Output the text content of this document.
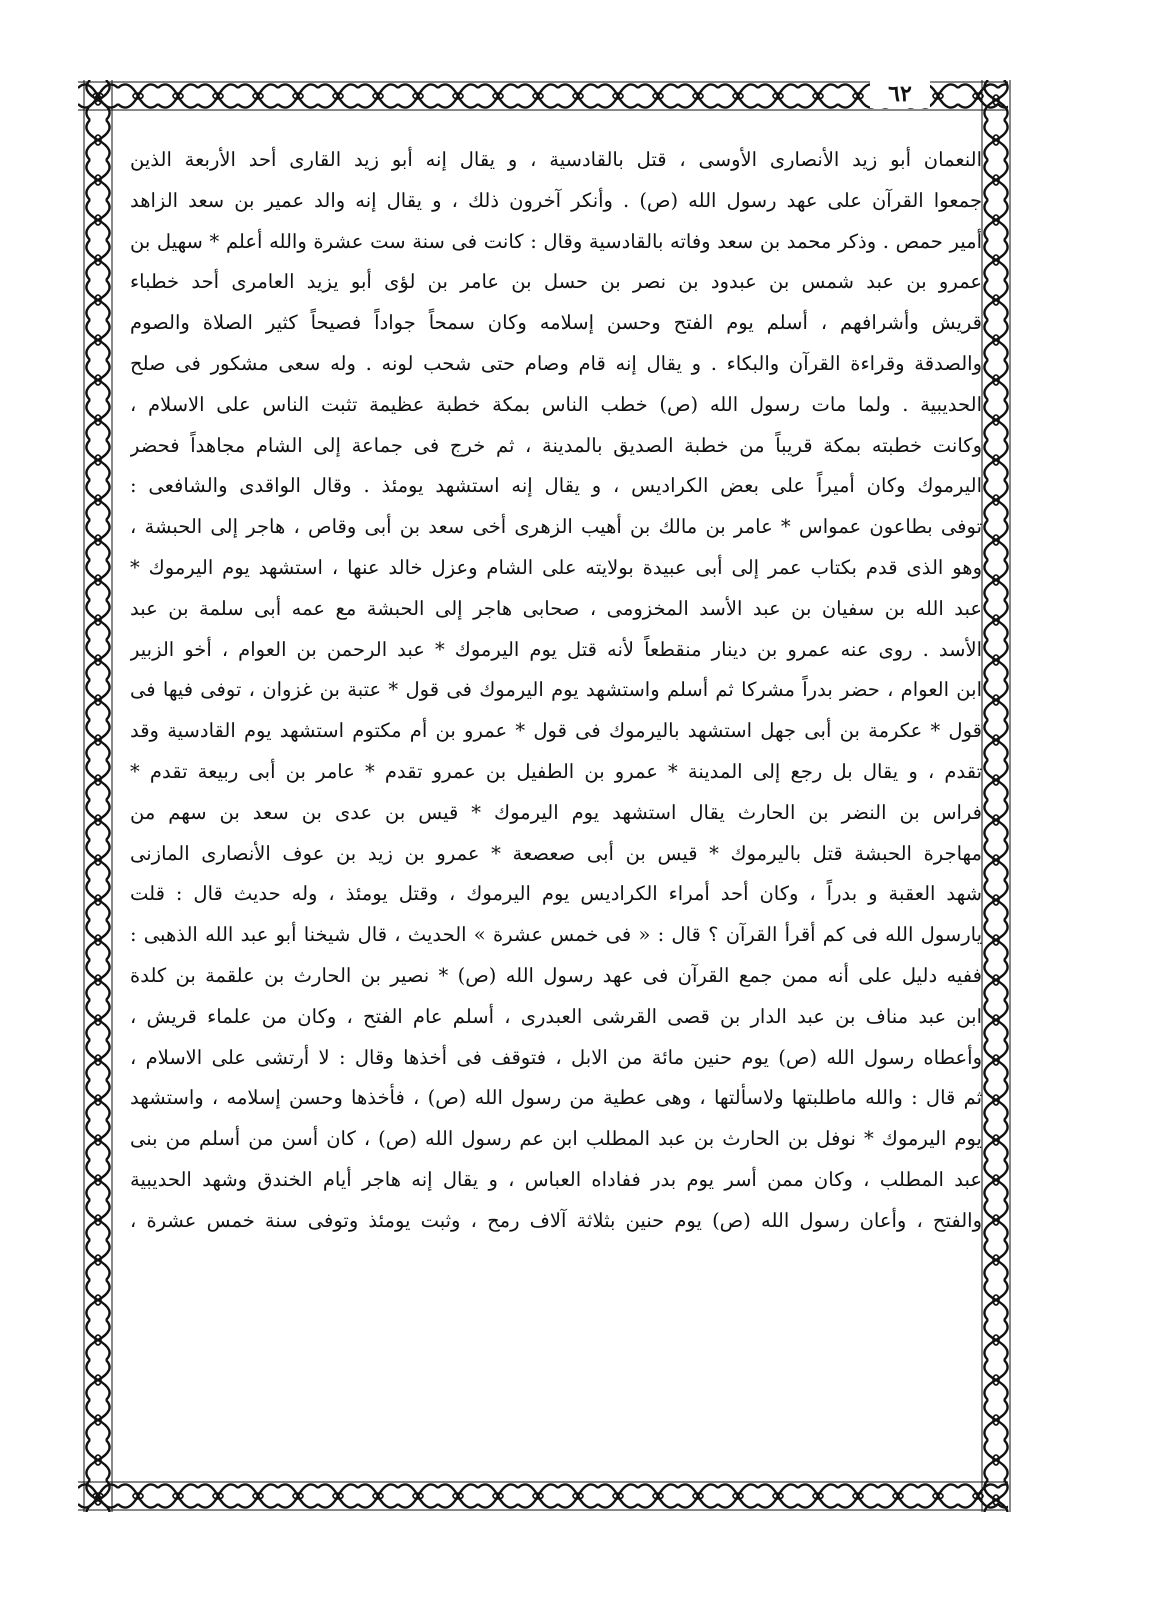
٦٢
النعمان أبو زيد الأنصارى الأوسى ، قتل بالقادسية ، و يقال إنه أبو زيد القارى أحد الأربعة الذين
جمعوا القرآن على عهد رسول الله (ص) . وأنكر آخرون ذلك ، و يقال إنه والد عمير بن سعد الزاهد
أمير حمص . وذكر محمد بن سعد وفاته بالقادسية وقال : كانت فى سنة ست عشرة والله أعلم * سهيل بن
عمرو بن عبد شمس بن عبدود بن نصر بن حسل بن عامر بن لؤى أبو يزيد العامرى أحد خطباء
قريش وأشرافهم ، أسلم يوم الفتح وحسن إسلامه وكان سمحاً جواداً فصيحاً كثير الصلاة والصوم
والصدقة وقراءة القرآن والبكاء . و يقال إنه قام وصام حتى شحب لونه . وله سعى مشكور فى صلح
الحديبية . ولما مات رسول الله (ص) خطب الناس بمكة خطبة عظيمة تثبت الناس على الاسلام ،
وكانت خطبته بمكة قريباً من خطبة الصديق بالمدينة ، ثم خرج فى جماعة إلى الشام مجاهداً فحضر
اليرموك وكان أميراً على بعض الكراديس ، و يقال إنه استشهد يومئذ . وقال الواقدى والشافعى :
توفى بطاعون عمواس * عامر بن مالك بن أهيب الزهرى أخى سعد بن أبى وقاص ، هاجر إلى الحبشة ،
وهو الذى قدم بكتاب عمر إلى أبى عبيدة بولايته على الشام وعزل خالد عنها ، استشهد يوم اليرموك *
عبد الله بن سفيان بن عبد الأسد المخزومى ، صحابى هاجر إلى الحبشة مع عمه أبى سلمة بن عبد
الأسد . روى عنه عمرو بن دينار منقطعاً لأنه قتل يوم اليرموك * عبد الرحمن بن العوام ، أخو الزبير
ابن العوام ، حضر بدراً مشركا ثم أسلم واستشهد يوم اليرموك فى قول * عتبة بن غزوان ، توفى فيها فى
قول * عكرمة بن أبى جهل استشهد باليرموك فى قول * عمرو بن أم مكتوم استشهد يوم القادسية وقد
تقدم ، و يقال بل رجع إلى المدينة * عمرو بن الطفيل بن عمرو تقدم * عامر بن أبى ربيعة تقدم *
فراس بن النضر بن الحارث يقال استشهد يوم اليرموك * قيس بن عدى بن سعد بن سهم من
مهاجرة الحبشة قتل باليرموك * قيس بن أبى صعصعة * عمرو بن زيد بن عوف الأنصارى المازنى
شهد العقبة و بدراً ، وكان أحد أمراء الكراديس يوم اليرموك ، وقتل يومئذ ، وله حديث قال : قلت
يارسول الله فى كم أقرأ القرآن ؟ قال : « فى خمس عشرة » الحديث ، قال شيخنا أبو عبد الله الذهبى :
ففيه دليل على أنه ممن جمع القرآن فى عهد رسول الله (ص) * نصير بن الحارث بن علقمة بن كلدة
ابن عبد مناف بن عبد الدار بن قصى القرشى العبدرى ، أسلم عام الفتح ، وكان من علماء قريش ،
وأعطاه رسول الله (ص) يوم حنين مائة من الابل ، فتوقف فى أخذها وقال : لا أرتشى على الاسلام ،
ثم قال : والله ماطلبتها ولاسألتها ، وهى عطية من رسول الله (ص) ، فأخذها وحسن إسلامه ، واستشهد
يوم اليرموك * نوفل بن الحارث بن عبد المطلب ابن عم رسول الله (ص) ، كان أسن من أسلم من بنى
عبد المطلب ، وكان ممن أسر يوم بدر ففاداه العباس ، و يقال إنه هاجر أيام الخندق وشهد الحديبية
والفتح ، وأعان رسول الله (ص) يوم حنين بثلاثة آلاف رمح ، وثبت يومئذ وتوفى سنة خمس عشرة ،
